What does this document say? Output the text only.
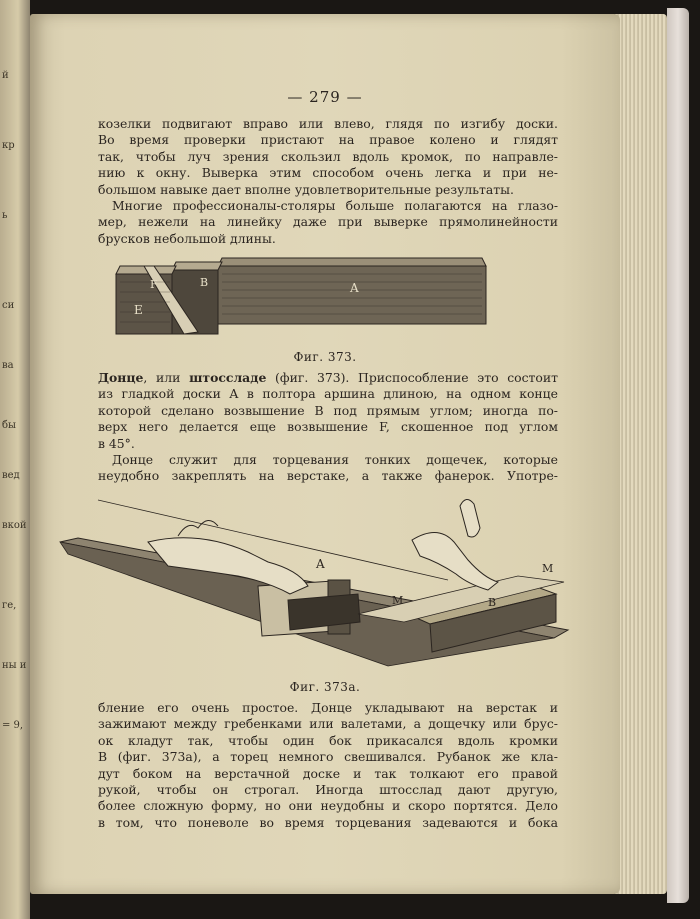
й
кр
ь
си
ва
бы
вед
вкой
ге,
ны и
= 9,
— 279 —

козелки подвигают вправо или влево, глядя по изгибу доски.

Во время проверки пристают на правое колено и глядят

так, чтобы луч зрения скользил вдоль кромок, по направле-

нию к окну. Выверка этим способом очень легка и при не-

большом навыке дает вполне удовлетворительные результаты.

Многие профессионалы-столяры больше полагаются на глазо-

мер, нежели на линейку даже при выверке прямолинейности

брусков небольшой длины.

A
B
E
F
Фиг. 373.

Донце, или штоссладе (фиг. 373). Приспособление это состоит

из гладкой доски A в полтора аршина длиною, на одном конце

которой сделано возвышение B под прямым углом; иногда по-

верх него делается еще возвышение F, скошенное под углом

в 45°.

Донце служит для торцевания тонких дощечек, которые

неудобно закреплять на верстаке, а также фанерок. Употре-

A	M
M	B
Фиг. 373а.

бление его очень простое. Донце укладывают на верстак и

зажимают между гребенками или валетами, а дощечку или брус-

ок кладут так, чтобы один бок прикасался вдоль кромки

B (фиг. 373а), а торец немного свешивался. Рубанок же кла-

дут боком на верстачной доске и так толкают его правой

рукой, чтобы он строгал. Иногда штосслад дают другую,

более сложную форму, но они неудобны и скоро портятся. Дело

в том, что поневоле во время торцевания задеваются и бока
